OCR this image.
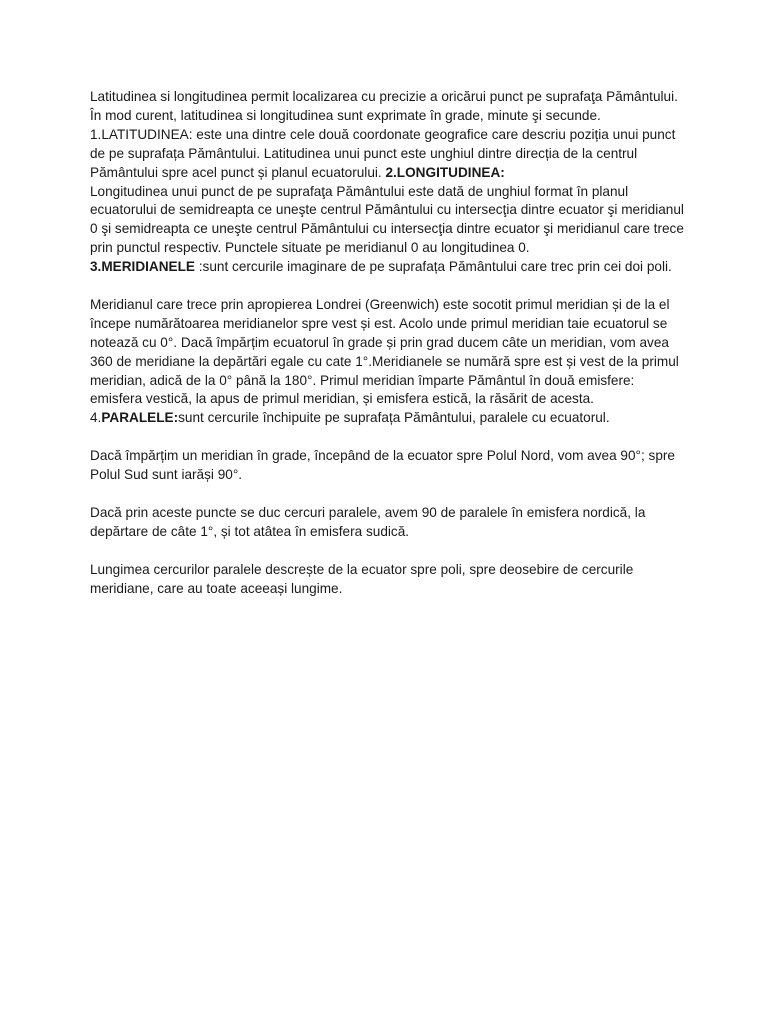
Latitudinea si longitudinea permit localizarea cu precizie a oricărui punct pe suprafaţa Pământului. În mod curent, latitudinea si longitudinea sunt exprimate în grade, minute şi secunde. 1.LATITUDINEA: este una dintre cele două coordonate geografice care descriu poziția unui punct de pe suprafața Pământului. Latitudinea unui punct este unghiul dintre direcția de la centrul Pământului spre acel punct și planul ecuatorului. 2.LONGITUDINEA:
Longitudinea unui punct de pe suprafaţa Pământului este dată de unghiul format în planul ecuatorului de semidreapta ce uneşte centrul Pământului cu intersecţia dintre ecuator şi meridianul 0 şi semidreapta ce uneşte centrul Pământului cu intersecţia dintre ecuator şi meridianul care trece prin punctul respectiv. Punctele situate pe meridianul 0 au longitudinea 0.
3.MERIDIANELE :sunt cercurile imaginare de pe suprafața Pământului care trec prin cei doi poli.

Meridianul care trece prin apropierea Londrei (Greenwich) este socotit primul meridian și de la el începe numărătoarea meridianelor spre vest și est. Acolo unde primul meridian taie ecuatorul se notează cu 0°. Dacă împărțim ecuatorul în grade și prin grad ducem câte un meridian, vom avea 360 de meridiane la depărtări egale cu cate 1°.Meridianele se numără spre est și vest de la primul meridian, adică de la 0° până la 180°. Primul meridian împarte Pământul în două emisfere: emisfera vestică, la apus de primul meridian, și emisfera estică, la răsărit de acesta. 4.PARALELE:sunt cercurile închipuite pe suprafața Pământului, paralele cu ecuatorul.

Dacă împărțim un meridian în grade, începând de la ecuator spre Polul Nord, vom avea 90°; spre Polul Sud sunt iarăși 90°.

Dacă prin aceste puncte se duc cercuri paralele, avem 90 de paralele în emisfera nordică, la depărtare de câte 1°, și tot atâtea în emisfera sudică.

Lungimea cercurilor paralele descrește de la ecuator spre poli, spre deosebire de cercurile meridiane, care au toate aceeași lungime.
